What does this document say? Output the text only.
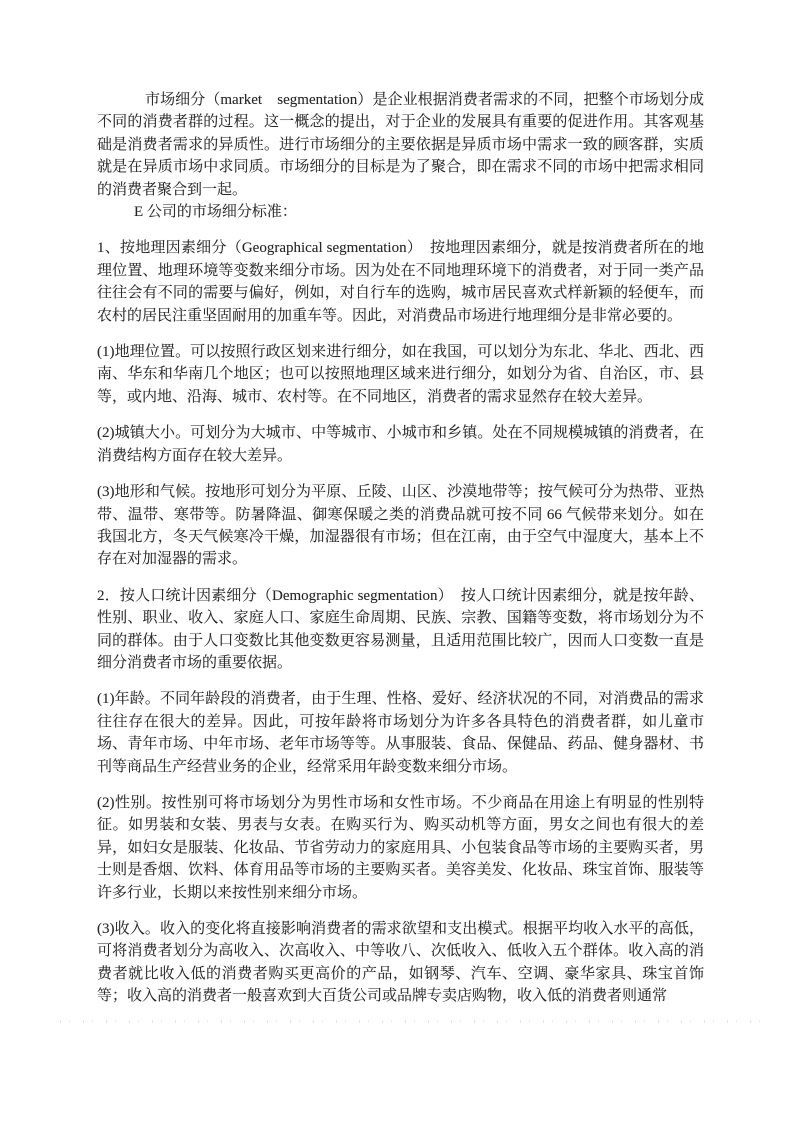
市场细分（market    segmentation）是企业根据消费者需求的不同，把整个市场划分成不同的消费者群的过程。这一概念的提出，对于企业的发展具有重要的促进作用。其客观基础是消费者需求的异质性。进行市场细分的主要依据是异质市场中需求一致的顾客群，实质就是在异质市场中求同质。市场细分的目标是为了聚合，即在需求不同的市场中把需求相同的消费者聚合到一起。

E 公司的市场细分标准：

1、按地理因素细分（Geographical segmentation）  按地理因素细分，就是按消费者所在的地理位置、地理环境等变数来细分市场。因为处在不同地理环境下的消费者，对于同一类产品往往会有不同的需要与偏好，例如，对自行车的选购，城市居民喜欢式样新颖的轻便车，而农村的居民注重坚固耐用的加重车等。因此，对消费品市场进行地理细分是非常必要的。

(1)地理位置。可以按照行政区划来进行细分，如在我国，可以划分为东北、华北、西北、西南、华东和华南几个地区；也可以按照地理区域来进行细分，如划分为省、自治区，市、县等，或内地、沿海、城市、农村等。在不同地区，消费者的需求显然存在较大差异。

(2)城镇大小。可划分为大城市、中等城市、小城市和乡镇。处在不同规模城镇的消费者，在消费结构方面存在较大差异。

(3)地形和气候。按地形可划分为平原、丘陵、山区、沙漠地带等；按气候可分为热带、亚热带、温带、寒带等。防暑降温、御寒保暖之类的消费品就可按不同 66 气候带来划分。如在我国北方，冬天气候寒冷干燥，加湿器很有市场；但在江南，由于空气中湿度大，基本上不存在对加湿器的需求。

2．按人口统计因素细分（Demographic segmentation）  按人口统计因素细分，就是按年龄、性别、职业、收入、家庭人口、家庭生命周期、民族、宗教、国籍等变数，将市场划分为不同的群体。由于人口变数比其他变数更容易测量，且适用范围比较广，因而人口变数一直是细分消费者市场的重要依据。

(1)年龄。不同年龄段的消费者，由于生理、性格、爱好、经济状况的不同，对消费品的需求往往存在很大的差异。因此，可按年龄将市场划分为许多各具特色的消费者群，如儿童市场、青年市场、中年市场、老年市场等等。从事服装、食品、保健品、药品、健身器材、书刊等商品生产经营业务的企业，经常采用年龄变数来细分市场。

(2)性别。按性别可将市场划分为男性市场和女性市场。不少商品在用途上有明显的性别特征。如男装和女装、男表与女表。在购买行为、购买动机等方面，男女之间也有很大的差异，如妇女是服装、化妆品、节省劳动力的家庭用具、小包装食品等市场的主要购买者，男士则是香烟、饮料、体育用品等市场的主要购买者。美容美发、化妆品、珠宝首饰、服装等许多行业，长期以来按性别来细分市场。

(3)收入。收入的变化将直接影响消费者的需求欲望和支出模式。根据平均收入水平的高低，可将消费者划分为高收入、次高收入、中等收八、次低收入、低收入五个群体。收入高的消费者就比收入低的消费者购买更高价的产品，如钢琴、汽车、空调、豪华家具、珠宝首饰等；收入高的消费者一般喜欢到大百货公司或品牌专卖店购物，收入低的消费者则通常
